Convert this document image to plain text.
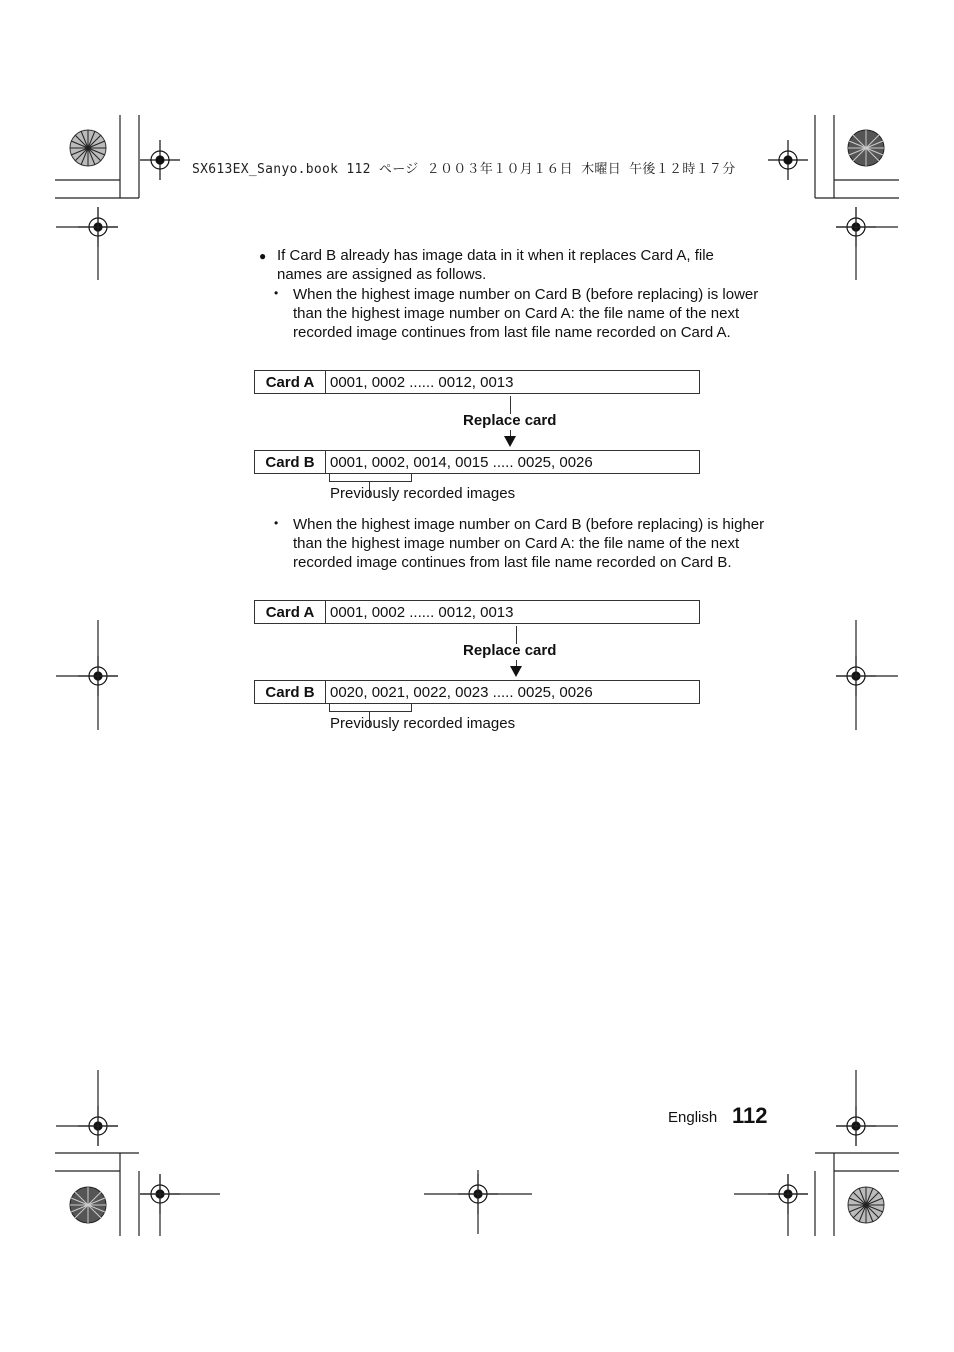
SX613EX_Sanyo.book 112 ページ ２００３年１０月１６日 木曜日 午後１２時１７分
● If Card B already has image data in it when it replaces Card A, file names are assigned as follows.
• When the highest image number on Card B (before replacing) is lower than the highest image number on Card A: the file name of the next recorded image continues from last file name recorded on Card A.
Card A	0001, 0002 ...... 0012, 0013
Replace card
Card B	0001, 0002, 0014, 0015 ..... 0025, 0026
Previously recorded images
• When the highest image number on Card B (before replacing) is higher than the highest image number on Card A: the file name of the next recorded image continues from last file name recorded on Card B.
Card A	0001, 0002 ...... 0012, 0013
Replace card
Card B	0020, 0021, 0022, 0023 ..... 0025, 0026
Previously recorded images
English 112
